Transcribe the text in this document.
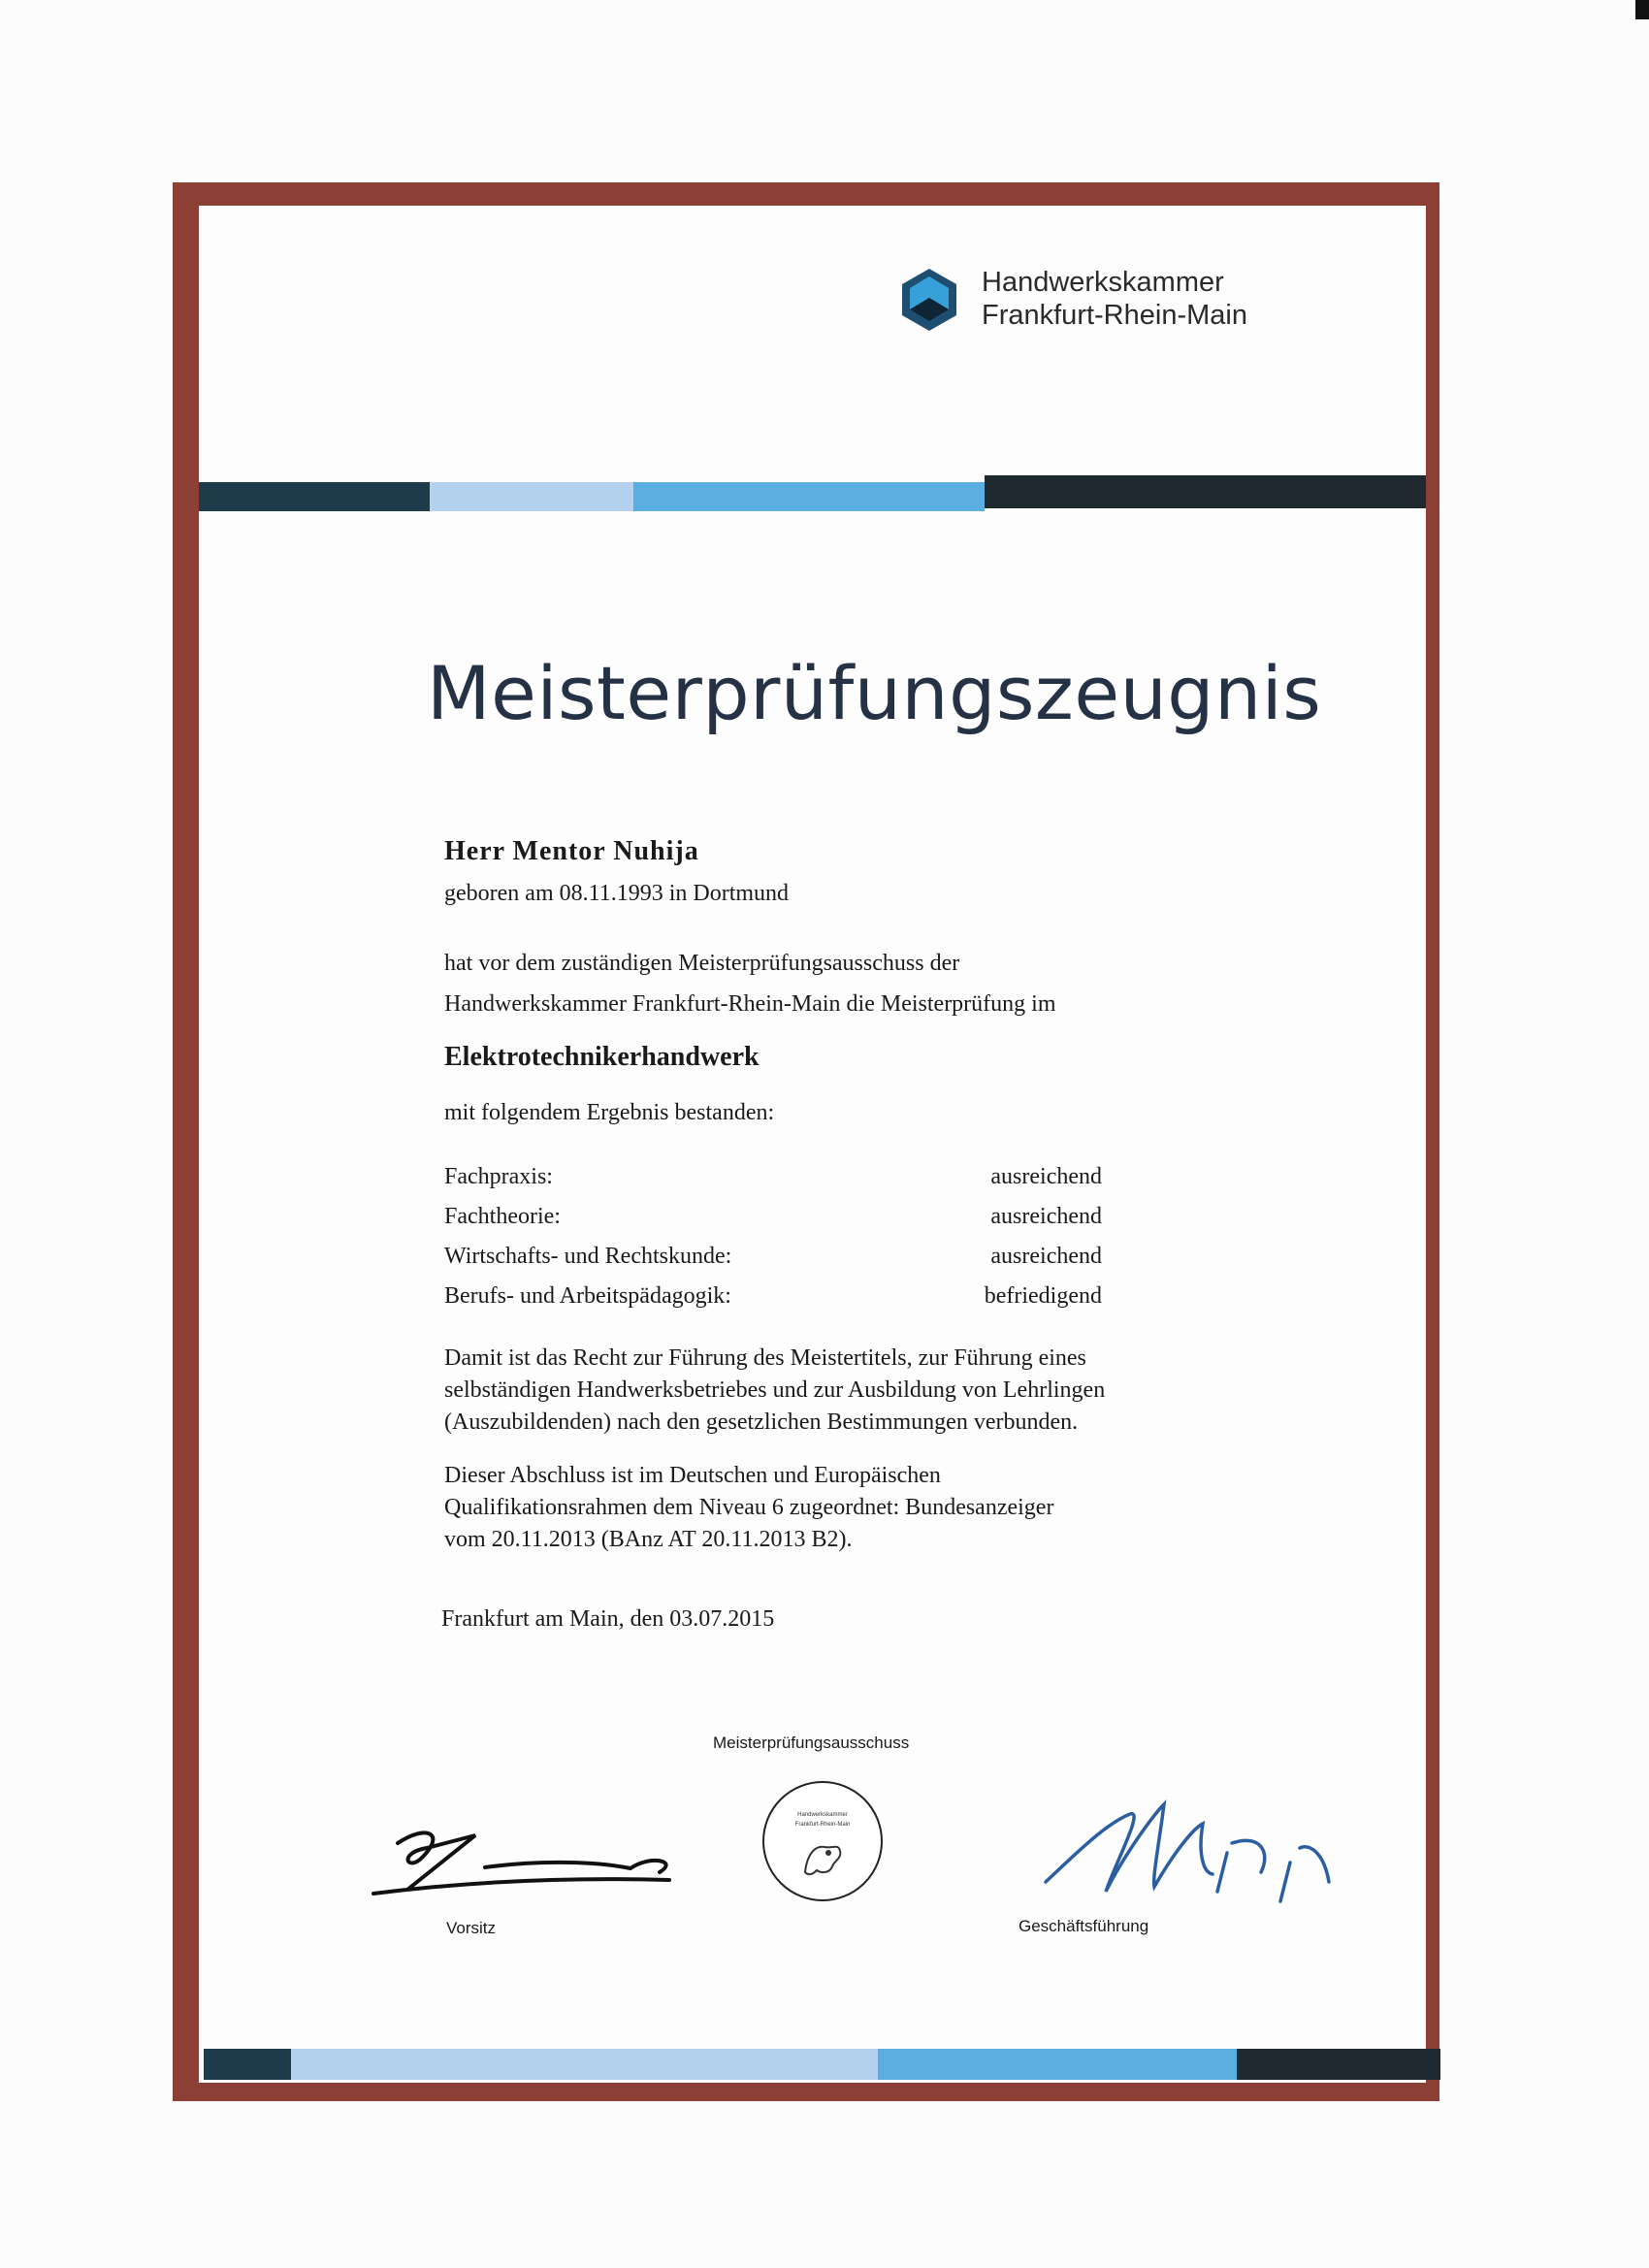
Handwerkskammer
Frankfurt-Rhein-Main
Meisterprüfungszeugnis
Herr Mentor Nuhija
geboren am 08.11.1993 in Dortmund
hat vor dem zuständigen Meisterprüfungsausschuss der
Handwerkskammer Frankfurt-Rhein-Main die Meisterprüfung im
Elektrotechnikerhandwerk
mit folgendem Ergebnis bestanden:
Fachpraxis:	ausreichend
Fachtheorie:	ausreichend
Wirtschafts- und Rechtskunde:	ausreichend
Berufs- und Arbeitspädagogik:	befriedigend
Damit ist das Recht zur Führung des Meistertitels, zur Führung eines
selbständigen Handwerksbetriebes und zur Ausbildung von Lehrlingen
(Auszubildenden) nach den gesetzlichen Bestimmungen verbunden.
Dieser Abschluss ist im Deutschen und Europäischen
Qualifikationsrahmen dem Niveau 6 zugeordnet: Bundesanzeiger
vom 20.11.2013 (BAnz AT 20.11.2013 B2).
Frankfurt am Main, den 03.07.2015
Meisterprüfungsausschuss
Vorsitz
Handwerkskammer
Frankfurt-Rhein-Main
Geschäftsführung
